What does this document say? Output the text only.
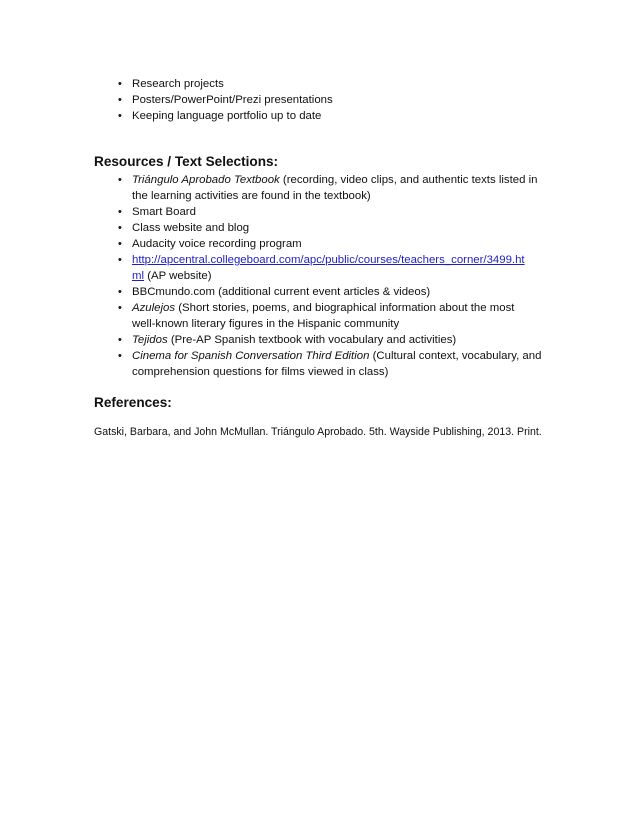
• Research projects
• Posters/PowerPoint/Prezi presentations
• Keeping language portfolio up to date
Resources / Text Selections:
• Triángulo Aprobado Textbook (recording, video clips, and authentic texts listed in
the learning activities are found in the textbook)
• Smart Board
• Class website and blog
• Audacity voice recording program
• http://apcentral.collegeboard.com/apc/public/courses/teachers_corner/3499.ht
ml (AP website)
• BBCmundo.com (additional current event articles & videos)
• Azulejos (Short stories, poems, and biographical information about the most
well-known literary figures in the Hispanic community
• Tejidos (Pre-AP Spanish textbook with vocabulary and activities)
• Cinema for Spanish Conversation Third Edition (Cultural context, vocabulary, and
comprehension questions for films viewed in class)
References:
Gatski, Barbara, and John McMullan. Triángulo Aprobado. 5th. Wayside Publishing, 2013. Print.
